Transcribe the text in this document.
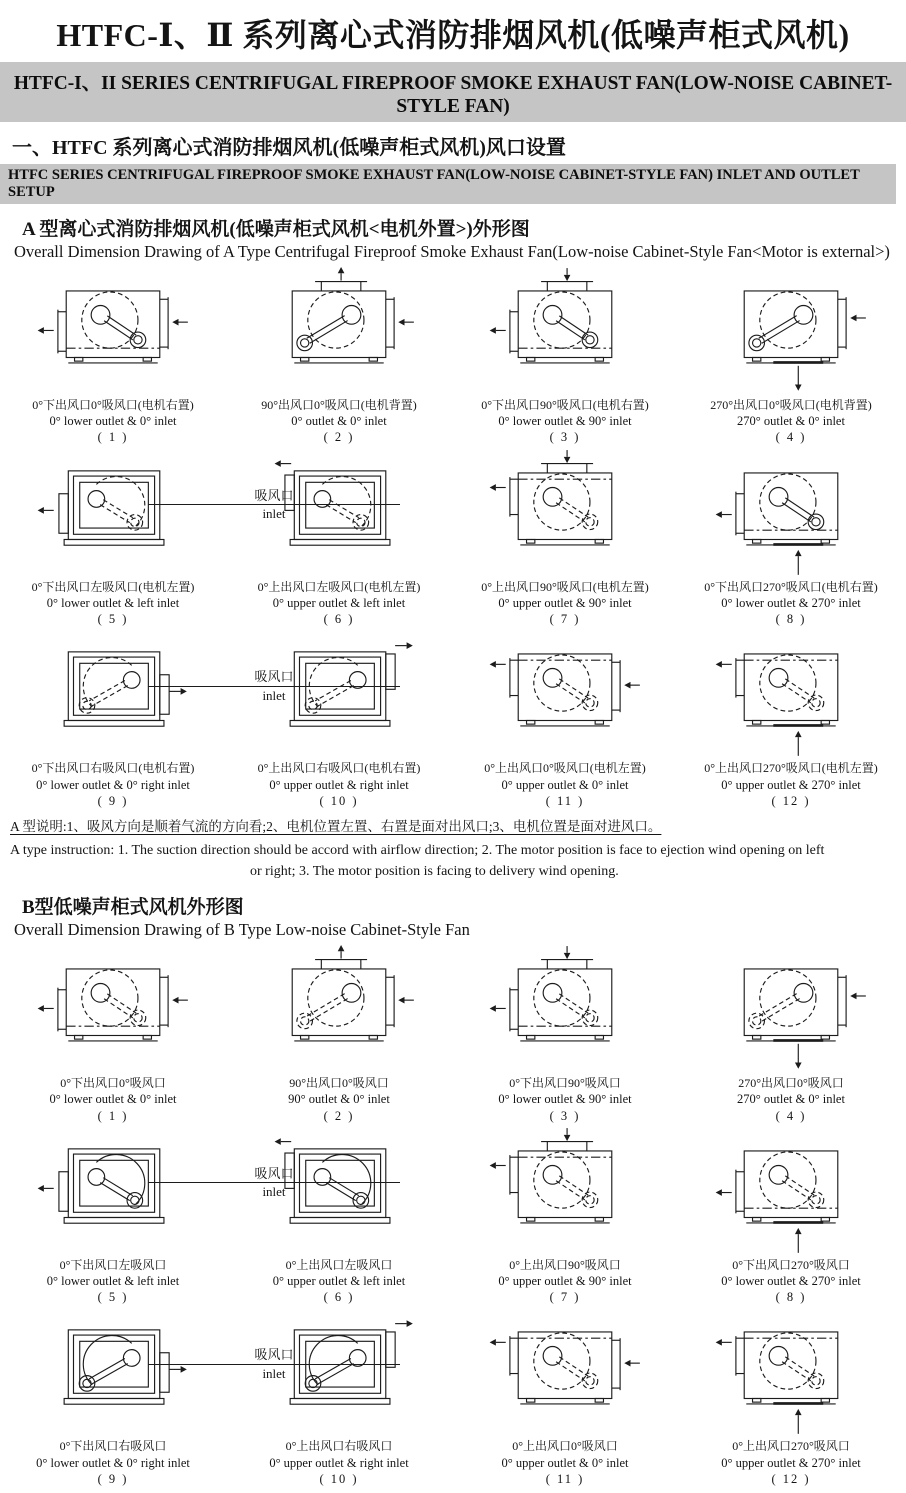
HTFC-Ⅰ、Ⅱ 系列离心式消防排烟风机(低噪声柜式风机)
HTFC-I、II SERIES CENTRIFUGAL FIREPROOF SMOKE EXHAUST FAN(LOW-NOISE CABINET-STYLE FAN)
一、HTFC 系列离心式消防排烟风机(低噪声柜式风机)风口设置
HTFC SERIES CENTRIFUGAL FIREPROOF SMOKE EXHAUST FAN(LOW-NOISE CABINET-STYLE FAN) INLET AND OUTLET SETUP
A 型离心式消防排烟风机(低噪声柜式风机<电机外置>)外形图
Overall Dimension Drawing of A Type Centrifugal Fireproof Smoke Exhaust Fan(Low-noise Cabinet-Style Fan<Motor is external>)
0°下出风口0°吸风口(电机右置)
0° lower outlet & 0° inlet
( 1 )
90°出风口0°吸风口(电机背置)
0° outlet & 0° inlet
( 2 )
0°下出风口90°吸风口(电机右置)
0° lower outlet & 90° inlet
( 3 )
270°出风口0°吸风口(电机背置)
270° outlet & 0° inlet
( 4 )
吸风口
inlet
0°下出风口左吸风口(电机左置)
0° lower outlet & left inlet
( 5 )
0°上出风口左吸风口(电机左置)
0° upper outlet & left inlet
( 6 )
0°上出风口90°吸风口(电机左置)
0° upper outlet & 90° inlet
( 7 )
0°下出风口270°吸风口(电机右置)
0° lower outlet & 270° inlet
( 8 )
吸风口
inlet
0°下出风口右吸风口(电机右置)
0° lower outlet & 0° right inlet
( 9 )
0°上出风口右吸风口(电机右置)
0° upper outlet & right inlet
( 10 )
0°上出风口0°吸风口(电机左置)
0° upper outlet & 0° inlet
( 11 )
0°上出风口270°吸风口(电机左置)
0° upper outlet & 270° inlet
( 12 )
A 型说明:1、吸风方向是顺着气流的方向看;2、电机位置左置、右置是面对出风口;3、电机位置是面对进风口。
A type instruction: 1. The suction direction should be accord with airflow direction; 2. The motor position is face to ejection wind opening on left
or right; 3. The motor position is facing to delivery wind opening.
B型低噪声柜式风机外形图
Overall Dimension Drawing of B Type Low-noise Cabinet-Style Fan
0°下出风口0°吸风口
0° lower outlet & 0° inlet
( 1 )
90°出风口0°吸风口
90° outlet & 0° inlet
( 2 )
0°下出风口90°吸风口
0° lower outlet & 90° inlet
( 3 )
270°出风口0°吸风口
270° outlet & 0° inlet
( 4 )
吸风口
inlet
0°下出风口左吸风口
0° lower outlet & left inlet
( 5 )
0°上出风口左吸风口
0° upper outlet & left inlet
( 6 )
0°上出风口90°吸风口
0° upper outlet & 90° inlet
( 7 )
0°下出风口270°吸风口
0° lower outlet & 270° inlet
( 8 )
吸风口
inlet
0°下出风口右吸风口
0° lower outlet & 0° right inlet
( 9 )
0°上出风口右吸风口
0° upper outlet & right inlet
( 10 )
0°上出风口0°吸风口
0° upper outlet & 0° inlet
( 11 )
0°上出风口270°吸风口
0° upper outlet & 270° inlet
( 12 )
